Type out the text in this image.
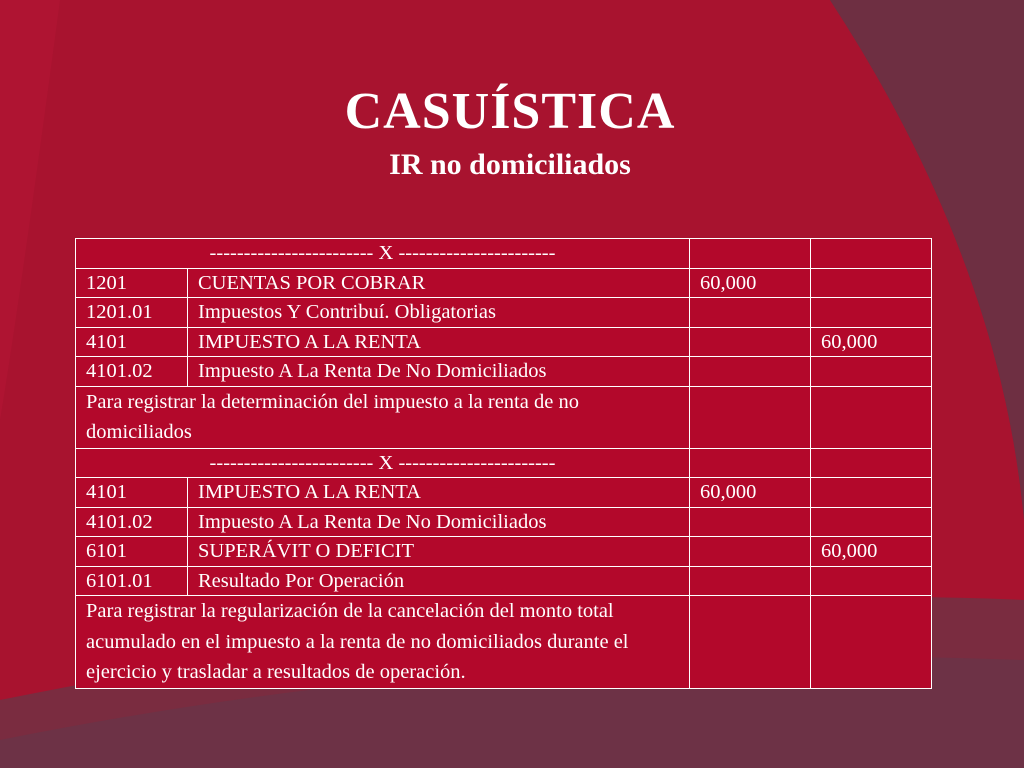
CASUÍSTICA
IR no domiciliados
------------------------ X -----------------------			
1201	CUENTAS POR COBRAR	60,000	
1201.01	Impuestos Y Contribuí. Obligatorias		
4101	IMPUESTO A LA RENTA		60,000
4101.02	Impuesto A La Renta De No Domiciliados		
Para registrar la determinación del impuesto a la renta de no domiciliados			
------------------------ X -----------------------			
4101	IMPUESTO A LA RENTA	60,000	
4101.02	Impuesto A La Renta De No Domiciliados		
6101	SUPERÁVIT O DEFICIT		60,000
6101.01	Resultado Por Operación		
Para registrar la regularización de la cancelación del monto total acumulado en el impuesto a la renta de no domiciliados durante el ejercicio y trasladar a resultados de operación.			
